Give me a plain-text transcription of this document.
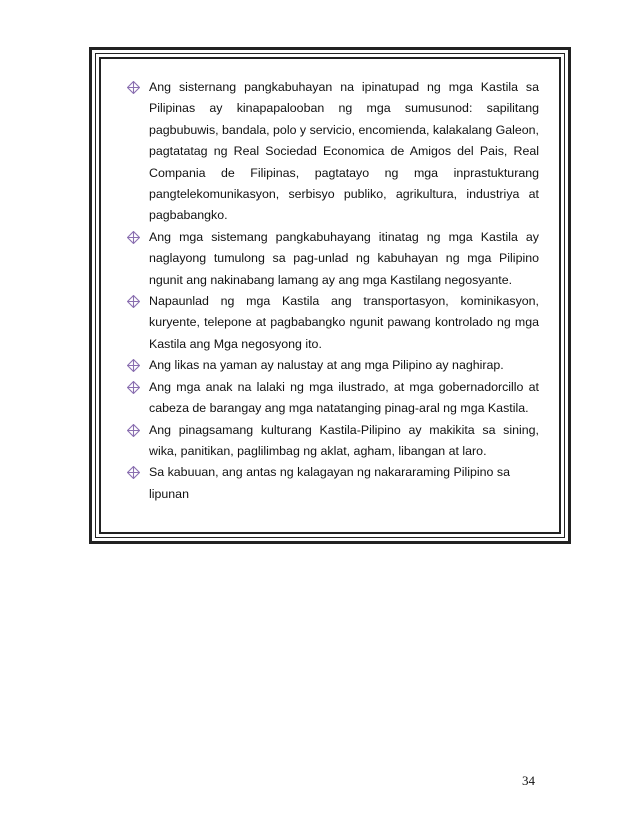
Ang sisternang pangkabuhayan na ipinatupad ng mga Kastila sa Pilipinas ay kinapapalooban ng mga sumusunod: sapilitang pagbubuwis, bandala, polo y servicio, encomienda, kalakalang Galeon, pagtatatag ng Real Sociedad Economica de Amigos del Pais, Real Compania de Filipinas, pagtatayo ng mga inprastukturang pangtelekomunikasyon, serbisyo publiko, agrikultura, industriya at pagbabangko.
Ang mga sistemang pangkabuhayang itinatag ng mga Kastila ay naglayong tumulong sa pag-unlad ng kabuhayan ng mga Pilipino ngunit ang nakinabang lamang ay ang mga Kastilang negosyante.
Napaunlad ng mga Kastila ang transportasyon, kominikasyon, kuryente, telepone at pagbabangko ngunit pawang kontrolado ng mga Kastila ang Mga negosyong ito.
Ang likas na yaman ay nalustay at ang mga Pilipino ay naghirap.
Ang mga anak na lalaki ng mga ilustrado, at mga gobernadorcillo at cabeza de barangay ang mga natatanging pinag-aral ng mga Kastila.
Ang pinagsamang kulturang Kastila-Pilipino ay makikita sa sining, wika, panitikan, paglilimbag ng aklat, agham, libangan at laro.
Sa kabuuan, ang antas ng kalagayan ng nakararaming Pilipino sa lipunan
34
